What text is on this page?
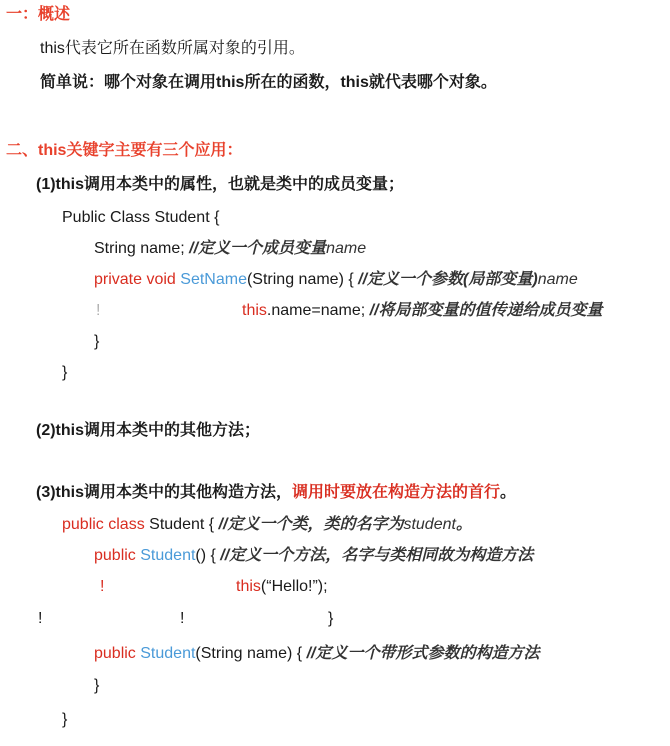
一：概述
this代表它所在函数所属对象的引用。
简单说：哪个对象在调用this所在的函数，this就代表哪个对象。
二、this关键字主要有三个应用：
(1)this调用本类中的属性，也就是类中的成员变量；
Public Class Student {
String name; //定义一个成员变量name
private void SetName(String name) { //定义一个参数(局部变量)name
!	this.name=name; //将局部变量的值传递给成员变量
}
}
(2)this调用本类中的其他方法；
(3)this调用本类中的其他构造方法，调用时要放在构造方法的首行。
public class Student { //定义一个类，类的名字为student。
public Student() { //定义一个方法，名字与类相同故为构造方法
!	this(“Hello!”);
!	!	}
public Student(String name) { //定义一个带形式参数的构造方法
}
}
